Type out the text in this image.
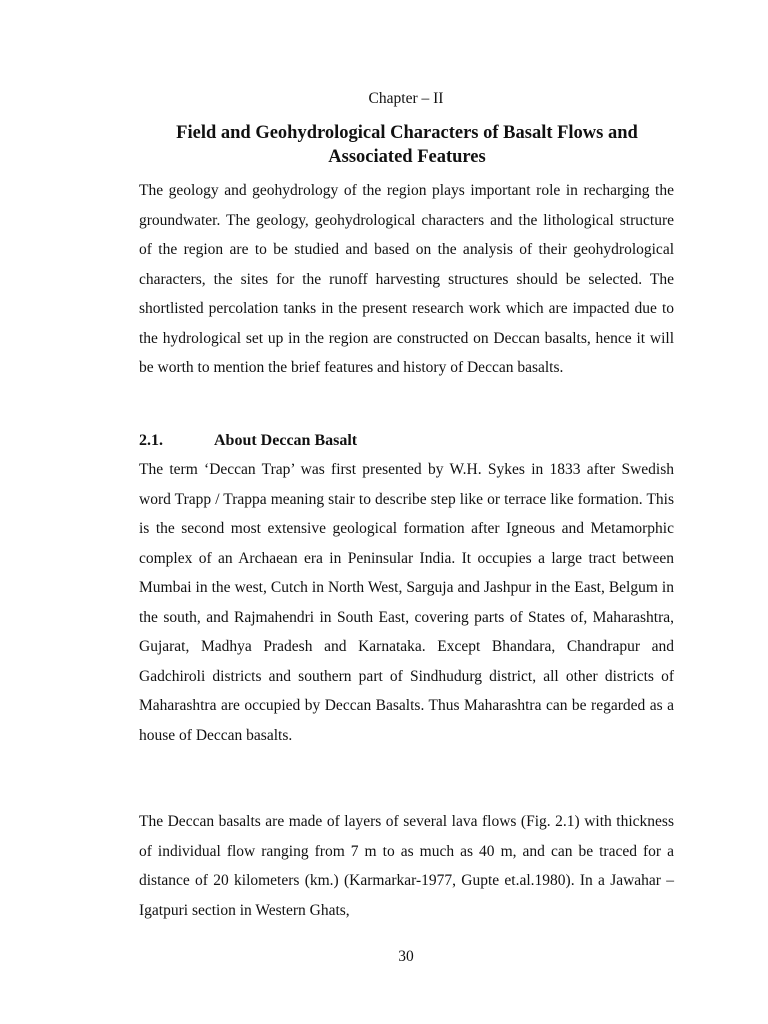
Chapter – II
Field and Geohydrological Characters of Basalt Flows and Associated Features

The geology and geohydrology of the region plays important role in recharging the groundwater. The geology, geohydrological characters and the lithological structure of the region are to be studied and based on the analysis of their geohydrological characters, the sites for the runoff harvesting structures should be selected. The shortlisted percolation tanks in the present research work which are impacted due to the hydrological set up in the region are constructed on Deccan basalts, hence it will be worth to mention the brief features and history of Deccan basalts.

2.1.	About Deccan Basalt

The term ‘Deccan Trap’ was first presented by W.H. Sykes in 1833 after Swedish word Trapp / Trappa meaning stair to describe step like or terrace like formation. This is the second most extensive geological formation after Igneous and Metamorphic complex of an Archaean era in Peninsular India. It occupies a large tract between Mumbai in the west, Cutch in North West, Sarguja and Jashpur in the East, Belgum in the south, and Rajmahendri in South East, covering parts of States of, Maharashtra, Gujarat, Madhya Pradesh and Karnataka. Except Bhandara, Chandrapur and Gadchiroli districts and southern part of Sindhudurg district, all other districts of Maharashtra are occupied by Deccan Basalts. Thus Maharashtra can be regarded as a house of Deccan basalts.

The Deccan basalts are made of layers of several lava flows (Fig. 2.1) with thickness of individual flow ranging from 7 m to as much as 40 m, and can be traced for a distance of 20 kilometers (km.) (Karmarkar-1977, Gupte et.al.1980). In a Jawahar – Igatpuri section in Western Ghats,

30
